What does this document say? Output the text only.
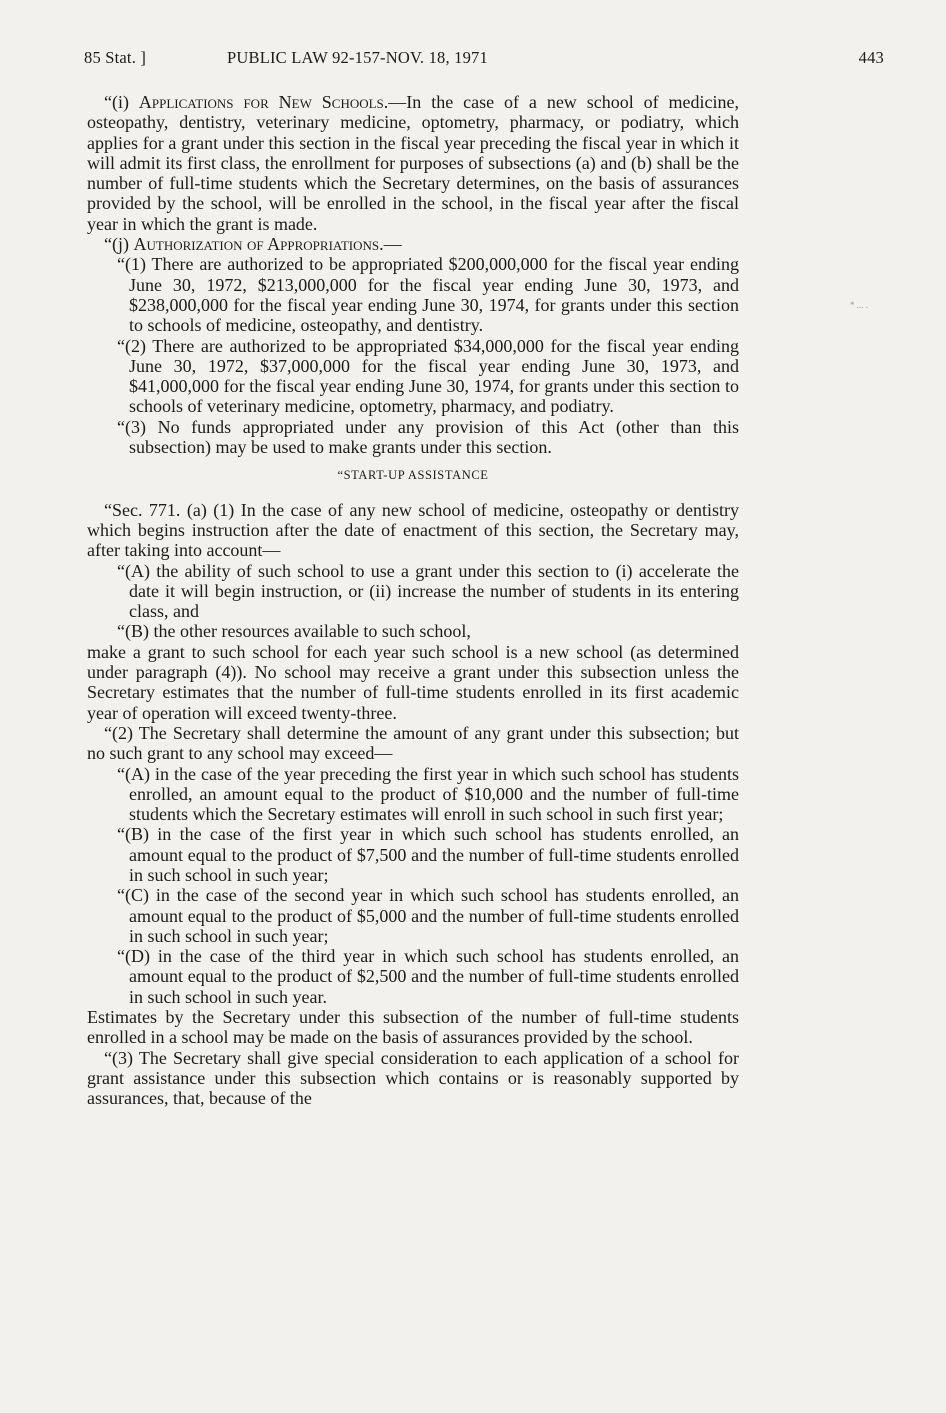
85 Stat. ]	PUBLIC LAW 92-157-NOV. 18, 1971	443
* ... .

“(i) Applications for New Schools.—In the case of a new school of medicine, osteopathy, dentistry, veterinary medicine, optometry, pharmacy, or podiatry, which applies for a grant under this section in the fiscal year preceding the fiscal year in which it will admit its first class, the enrollment for purposes of subsections (a) and (b) shall be the number of full-time students which the Secretary determines, on the basis of assurances provided by the school, will be enrolled in the school, in the fiscal year after the fiscal year in which the grant is made.

“(j) Authorization of Appropriations.—

“(1) There are authorized to be appropriated $200,000,000 for the fiscal year ending June 30, 1972, $213,000,000 for the fiscal year ending June 30, 1973, and $238,000,000 for the fiscal year ending June 30, 1974, for grants under this section to schools of medicine, osteopathy, and dentistry.

“(2) There are authorized to be appropriated $34,000,000 for the fiscal year ending June 30, 1972, $37,000,000 for the fiscal year ending June 30, 1973, and $41,000,000 for the fiscal year ending June 30, 1974, for grants under this section to schools of veterinary medicine, optometry, pharmacy, and podiatry.

“(3) No funds appropriated under any provision of this Act (other than this subsection) may be used to make grants under this section.

“START-UP ASSISTANCE

“Sec. 771. (a) (1) In the case of any new school of medicine, osteopathy or dentistry which begins instruction after the date of enactment of this section, the Secretary may, after taking into account—

“(A) the ability of such school to use a grant under this section to (i) accelerate the date it will begin instruction, or (ii) increase the number of students in its entering class, and

“(B) the other resources available to such school,

make a grant to such school for each year such school is a new school (as determined under paragraph (4)). No school may receive a grant under this subsection unless the Secretary estimates that the number of full-time students enrolled in its first academic year of operation will exceed twenty-three.

“(2) The Secretary shall determine the amount of any grant under this subsection; but no such grant to any school may exceed—

“(A) in the case of the year preceding the first year in which such school has students enrolled, an amount equal to the product of $10,000 and the number of full-time students which the Secretary estimates will enroll in such school in such first year;

“(B) in the case of the first year in which such school has students enrolled, an amount equal to the product of $7,500 and the number of full-time students enrolled in such school in such year;

“(C) in the case of the second year in which such school has students enrolled, an amount equal to the product of $5,000 and the number of full-time students enrolled in such school in such year;

“(D) in the case of the third year in which such school has students enrolled, an amount equal to the product of $2,500 and the number of full-time students enrolled in such school in such year.

Estimates by the Secretary under this subsection of the number of full-time students enrolled in a school may be made on the basis of assurances provided by the school.

“(3) The Secretary shall give special consideration to each application of a school for grant assistance under this subsection which contains or is reasonably supported by assurances, that, because of the
